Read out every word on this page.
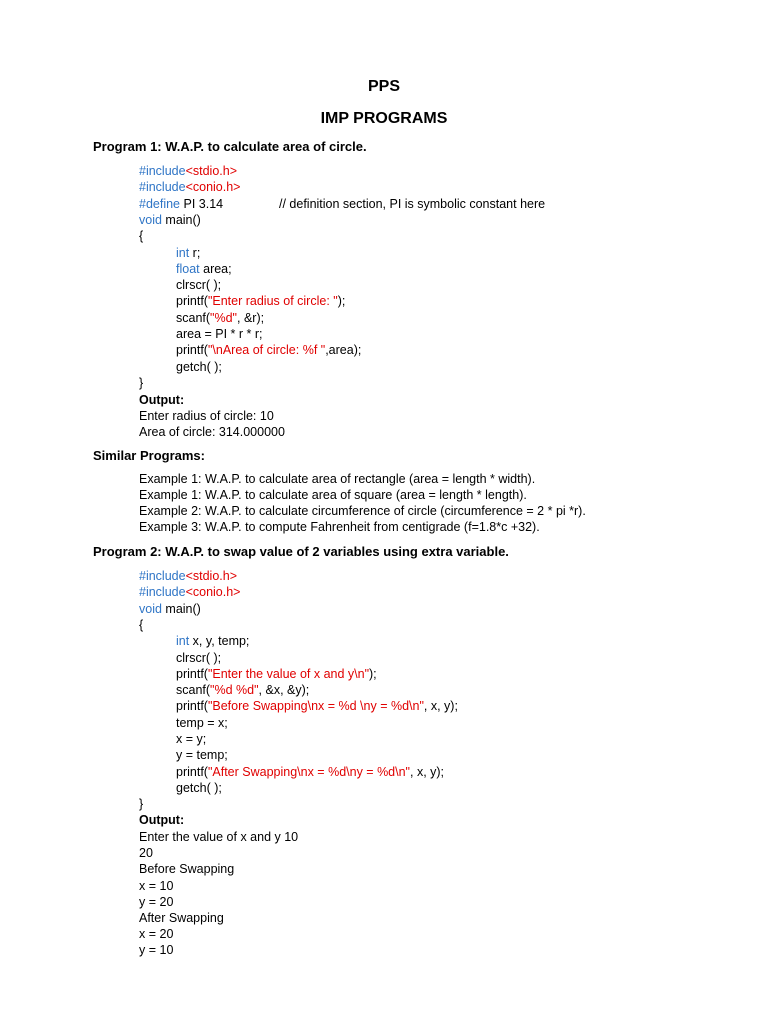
PPS
IMP PROGRAMS
Program 1: W.A.P. to calculate area of circle.
#include<stdio.h>
#include<conio.h>
#define PI 3.14	// definition section, PI is symbolic constant here
void main()
{
int r;
float area;
clrscr( );
printf("Enter radius of circle: ");
scanf("%d", &r);
area = PI * r * r;
printf("\nArea of circle: %f ",area);
getch( );
}
Output:
Enter radius of circle: 10
Area of circle: 314.000000
Similar Programs:
Example 1: W.A.P. to calculate area of rectangle (area = length * width).
Example 1: W.A.P. to calculate area of square (area = length * length).
Example 2: W.A.P. to calculate circumference of circle (circumference = 2 * pi *r).
Example 3: W.A.P. to compute Fahrenheit from centigrade (f=1.8*c +32).
Program 2: W.A.P. to swap value of 2 variables using extra variable.
#include<stdio.h>
#include<conio.h>
void main()
{
int x, y, temp;
clrscr( );
printf("Enter the value of x and y\n");
scanf("%d %d", &x, &y);
printf("Before Swapping\nx = %d \ny = %d\n", x, y);
temp = x;
x = y;
y = temp;
printf("After Swapping\nx = %d\ny = %d\n", x, y);
getch( );
}
Output:
Enter the value of x and y 10
20
Before Swapping
x = 10
y = 20
After Swapping
x = 20
y = 10
